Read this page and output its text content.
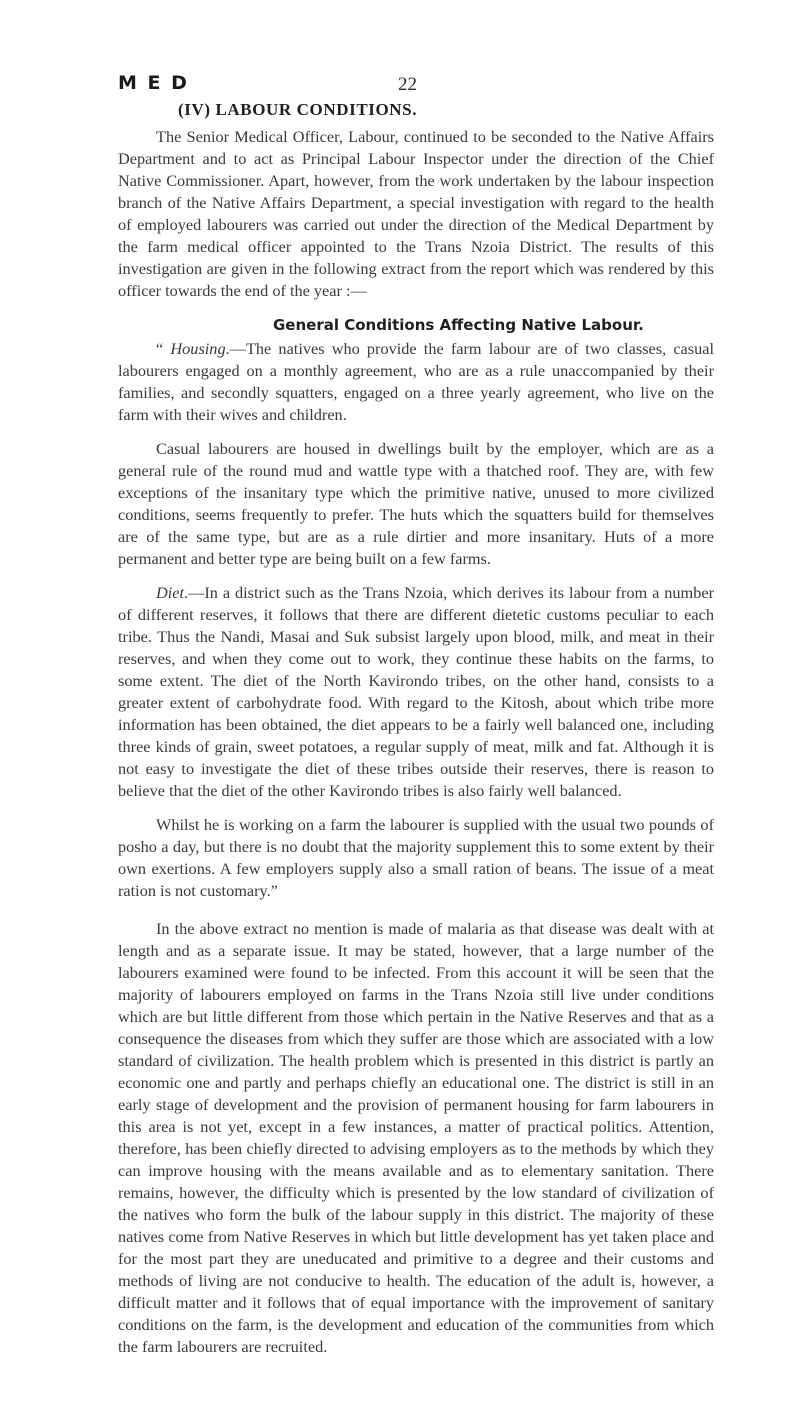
M E D	22
(IV) LABOUR CONDITIONS.

The Senior Medical Officer, Labour, continued to be seconded to the Native Affairs Department and to act as Principal Labour Inspector under the direction of the Chief Native Commissioner. Apart, however, from the work undertaken by the labour inspection branch of the Native Affairs Department, a special investigation with regard to the health of employed labourers was carried out under the direction of the Medical Department by the farm medical officer appointed to the Trans Nzoia District. The results of this investigation are given in the following extract from the report which was rendered by this officer towards the end of the year :—

General Conditions Affecting Native Labour.

“ Housing.—The natives who provide the farm labour are of two classes, casual labourers engaged on a monthly agreement, who are as a rule unaccompanied by their families, and secondly squatters, engaged on a three yearly agreement, who live on the farm with their wives and children.

Casual labourers are housed in dwellings built by the employer, which are as a general rule of the round mud and wattle type with a thatched roof. They are, with few exceptions of the insanitary type which the primitive native, unused to more civilized conditions, seems frequently to prefer. The huts which the squatters build for themselves are of the same type, but are as a rule dirtier and more insanitary. Huts of a more permanent and better type are being built on a few farms.

Diet.—In a district such as the Trans Nzoia, which derives its labour from a number of different reserves, it follows that there are different dietetic customs peculiar to each tribe. Thus the Nandi, Masai and Suk subsist largely upon blood, milk, and meat in their reserves, and when they come out to work, they continue these habits on the farms, to some extent. The diet of the North Kavirondo tribes, on the other hand, consists to a greater extent of carbohydrate food. With regard to the Kitosh, about which tribe more information has been obtained, the diet appears to be a fairly well balanced one, including three kinds of grain, sweet potatoes, a regular supply of meat, milk and fat. Although it is not easy to investigate the diet of these tribes outside their reserves, there is reason to believe that the diet of the other Kavirondo tribes is also fairly well balanced.

Whilst he is working on a farm the labourer is supplied with the usual two pounds of posho a day, but there is no doubt that the majority supplement this to some extent by their own exertions. A few employers supply also a small ration of beans. The issue of a meat ration is not customary.”

In the above extract no mention is made of malaria as that disease was dealt with at length and as a separate issue. It may be stated, however, that a large number of the labourers examined were found to be infected. From this account it will be seen that the majority of labourers employed on farms in the Trans Nzoia still live under conditions which are but little different from those which pertain in the Native Reserves and that as a consequence the diseases from which they suffer are those which are associated with a low standard of civilization. The health problem which is presented in this district is partly an economic one and partly and perhaps chiefly an educational one. The district is still in an early stage of development and the provision of permanent housing for farm labourers in this area is not yet, except in a few instances, a matter of practical politics. Attention, therefore, has been chiefly directed to advising employers as to the methods by which they can improve housing with the means available and as to elementary sanitation. There remains, however, the difficulty which is presented by the low standard of civilization of the natives who form the bulk of the labour supply in this district. The majority of these natives come from Native Reserves in which but little development has yet taken place and for the most part they are uneducated and primitive to a degree and their customs and methods of living are not conducive to health. The education of the adult is, however, a difficult matter and it follows that of equal importance with the improvement of sanitary conditions on the farm, is the development and education of the communities from which the farm labourers are recruited.
